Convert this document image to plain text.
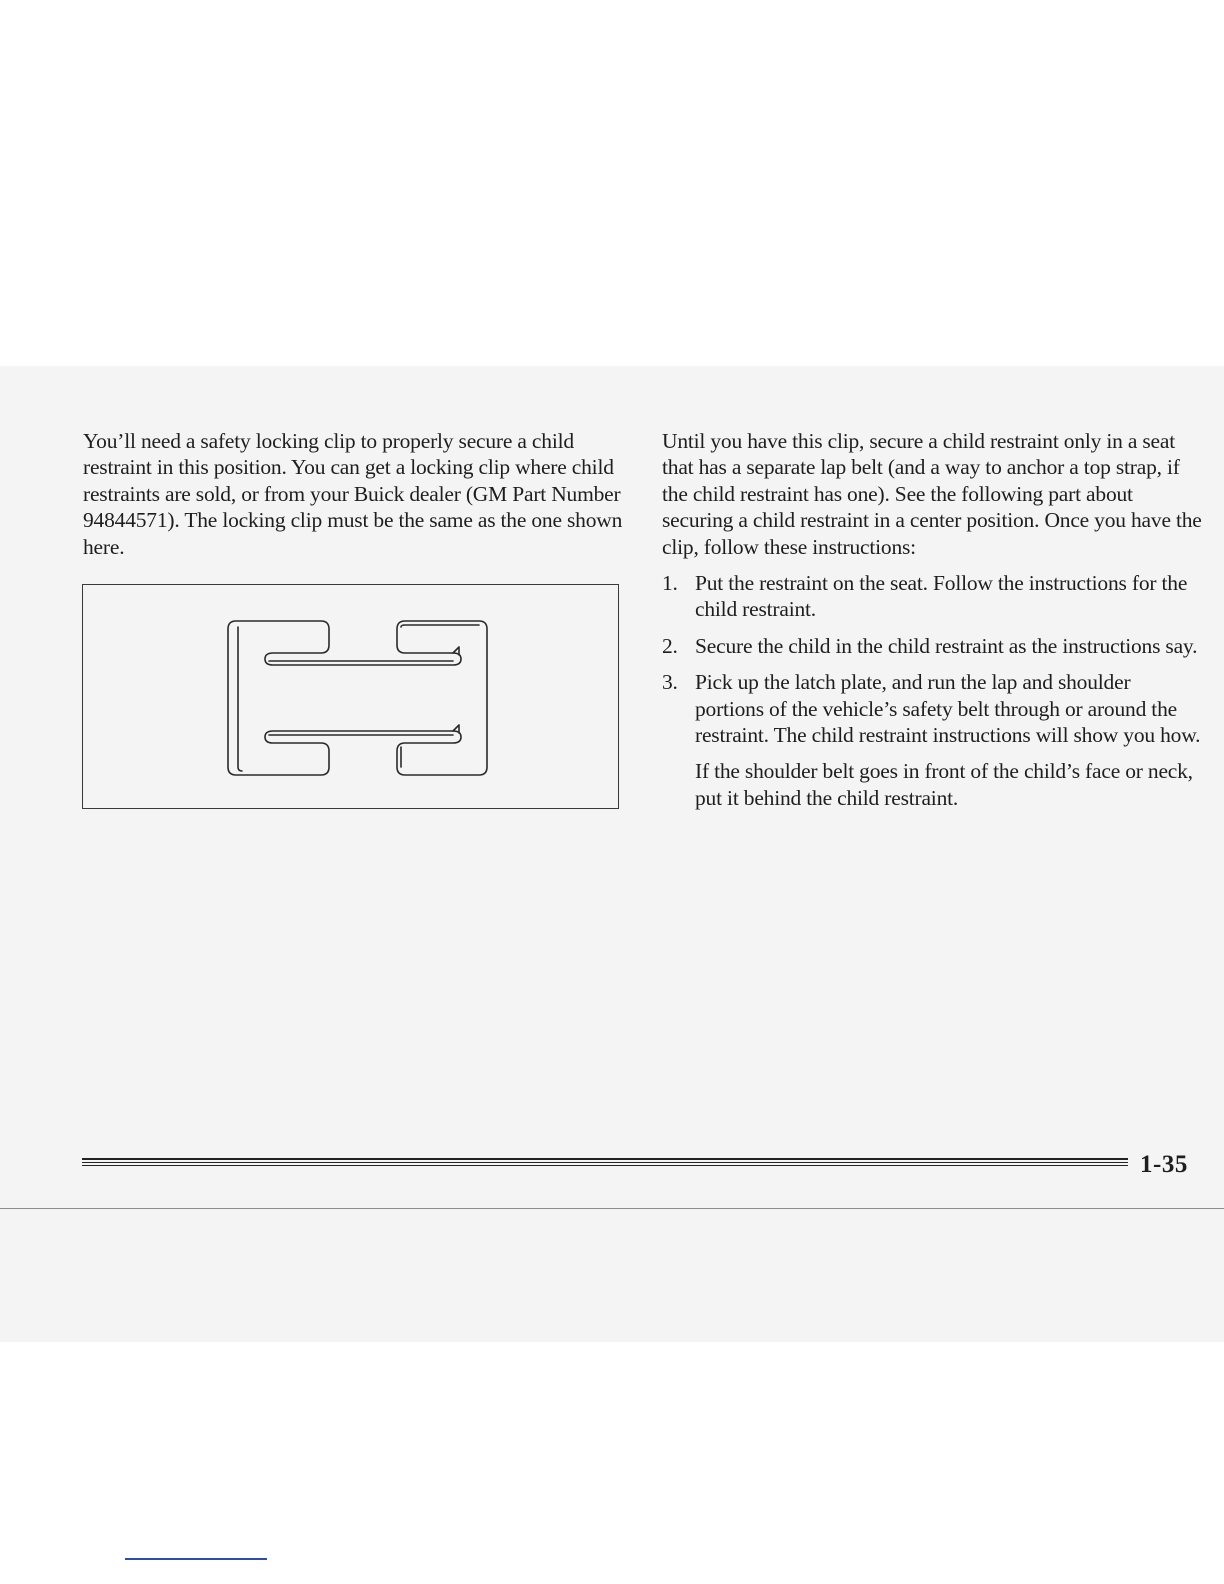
You’ll need a safety locking clip to properly secure a child restraint in this position. You can get a locking clip where child restraints are sold, or from your Buick dealer (GM Part Number 94844571). The locking clip must be the same as the one shown here.

Until you have this clip, secure a child restraint only in a seat that has a separate lap belt (and a way to anchor a top strap, if the child restraint has one). See the following part about securing a child restraint in a center position. Once you have the clip, follow these instructions:

1. Put the restraint on the seat. Follow the instructions for the child restraint.
2. Secure the child in the child restraint as the instructions say.
3. Pick up the latch plate, and run the lap and shoulder portions of the vehicle’s safety belt through or around the restraint. The child restraint instructions will show you how.

If the shoulder belt goes in front of the child’s face or neck, put it behind the child restraint.

1-35
